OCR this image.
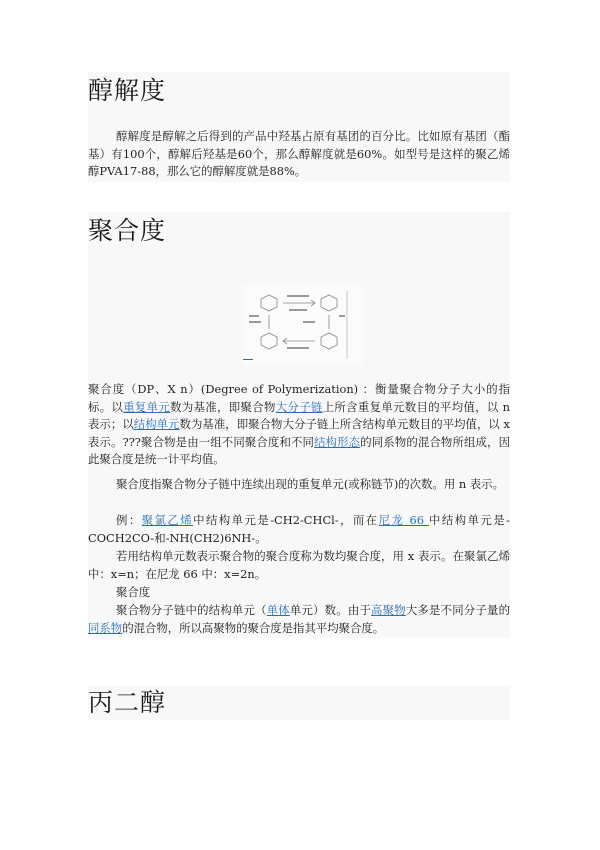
醇解度

醇解度是醇解之后得到的产品中羟基占原有基团的百分比。比如原有基团（酯基）有100个，醇解后羟基是60个，那么醇解度就是60%。如型号是这样的聚乙烯醇PVA17-88，那么它的醇解度就是88%。

聚合度

聚合度（DP、X n）(Degree of Polymerization) ：衡量聚合物分子大小的指标。以重复单元数为基准，即聚合物大分子链上所含重复单元数目的平均值，以 n 表示；以结构单元数为基准，即聚合物大分子链上所含结构单元数目的平均值，以 x 表示。???聚合物是由一组不同聚合度和不同结构形态的同系物的混合物所组成，因此聚合度是统一计平均值。

聚合度指聚合物分子链中连续出现的重复单元(或称链节)的次数。用 n 表示。

例：聚氯乙烯中结构单元是-CH2-CHCl-，而在尼龙 66 中结构单元是-COCH2CO-和-NH(CH2)6NH-。

若用结构单元数表示聚合物的聚合度称为数均聚合度，用 x 表示。在聚氯乙烯中：x=n；在尼龙 66 中：x=2n。

聚合度

聚合物分子链中的结构单元（单体单元）数。由于高聚物大多是不同分子量的同系物的混合物，所以高聚物的聚合度是指其平均聚合度。

丙二醇
